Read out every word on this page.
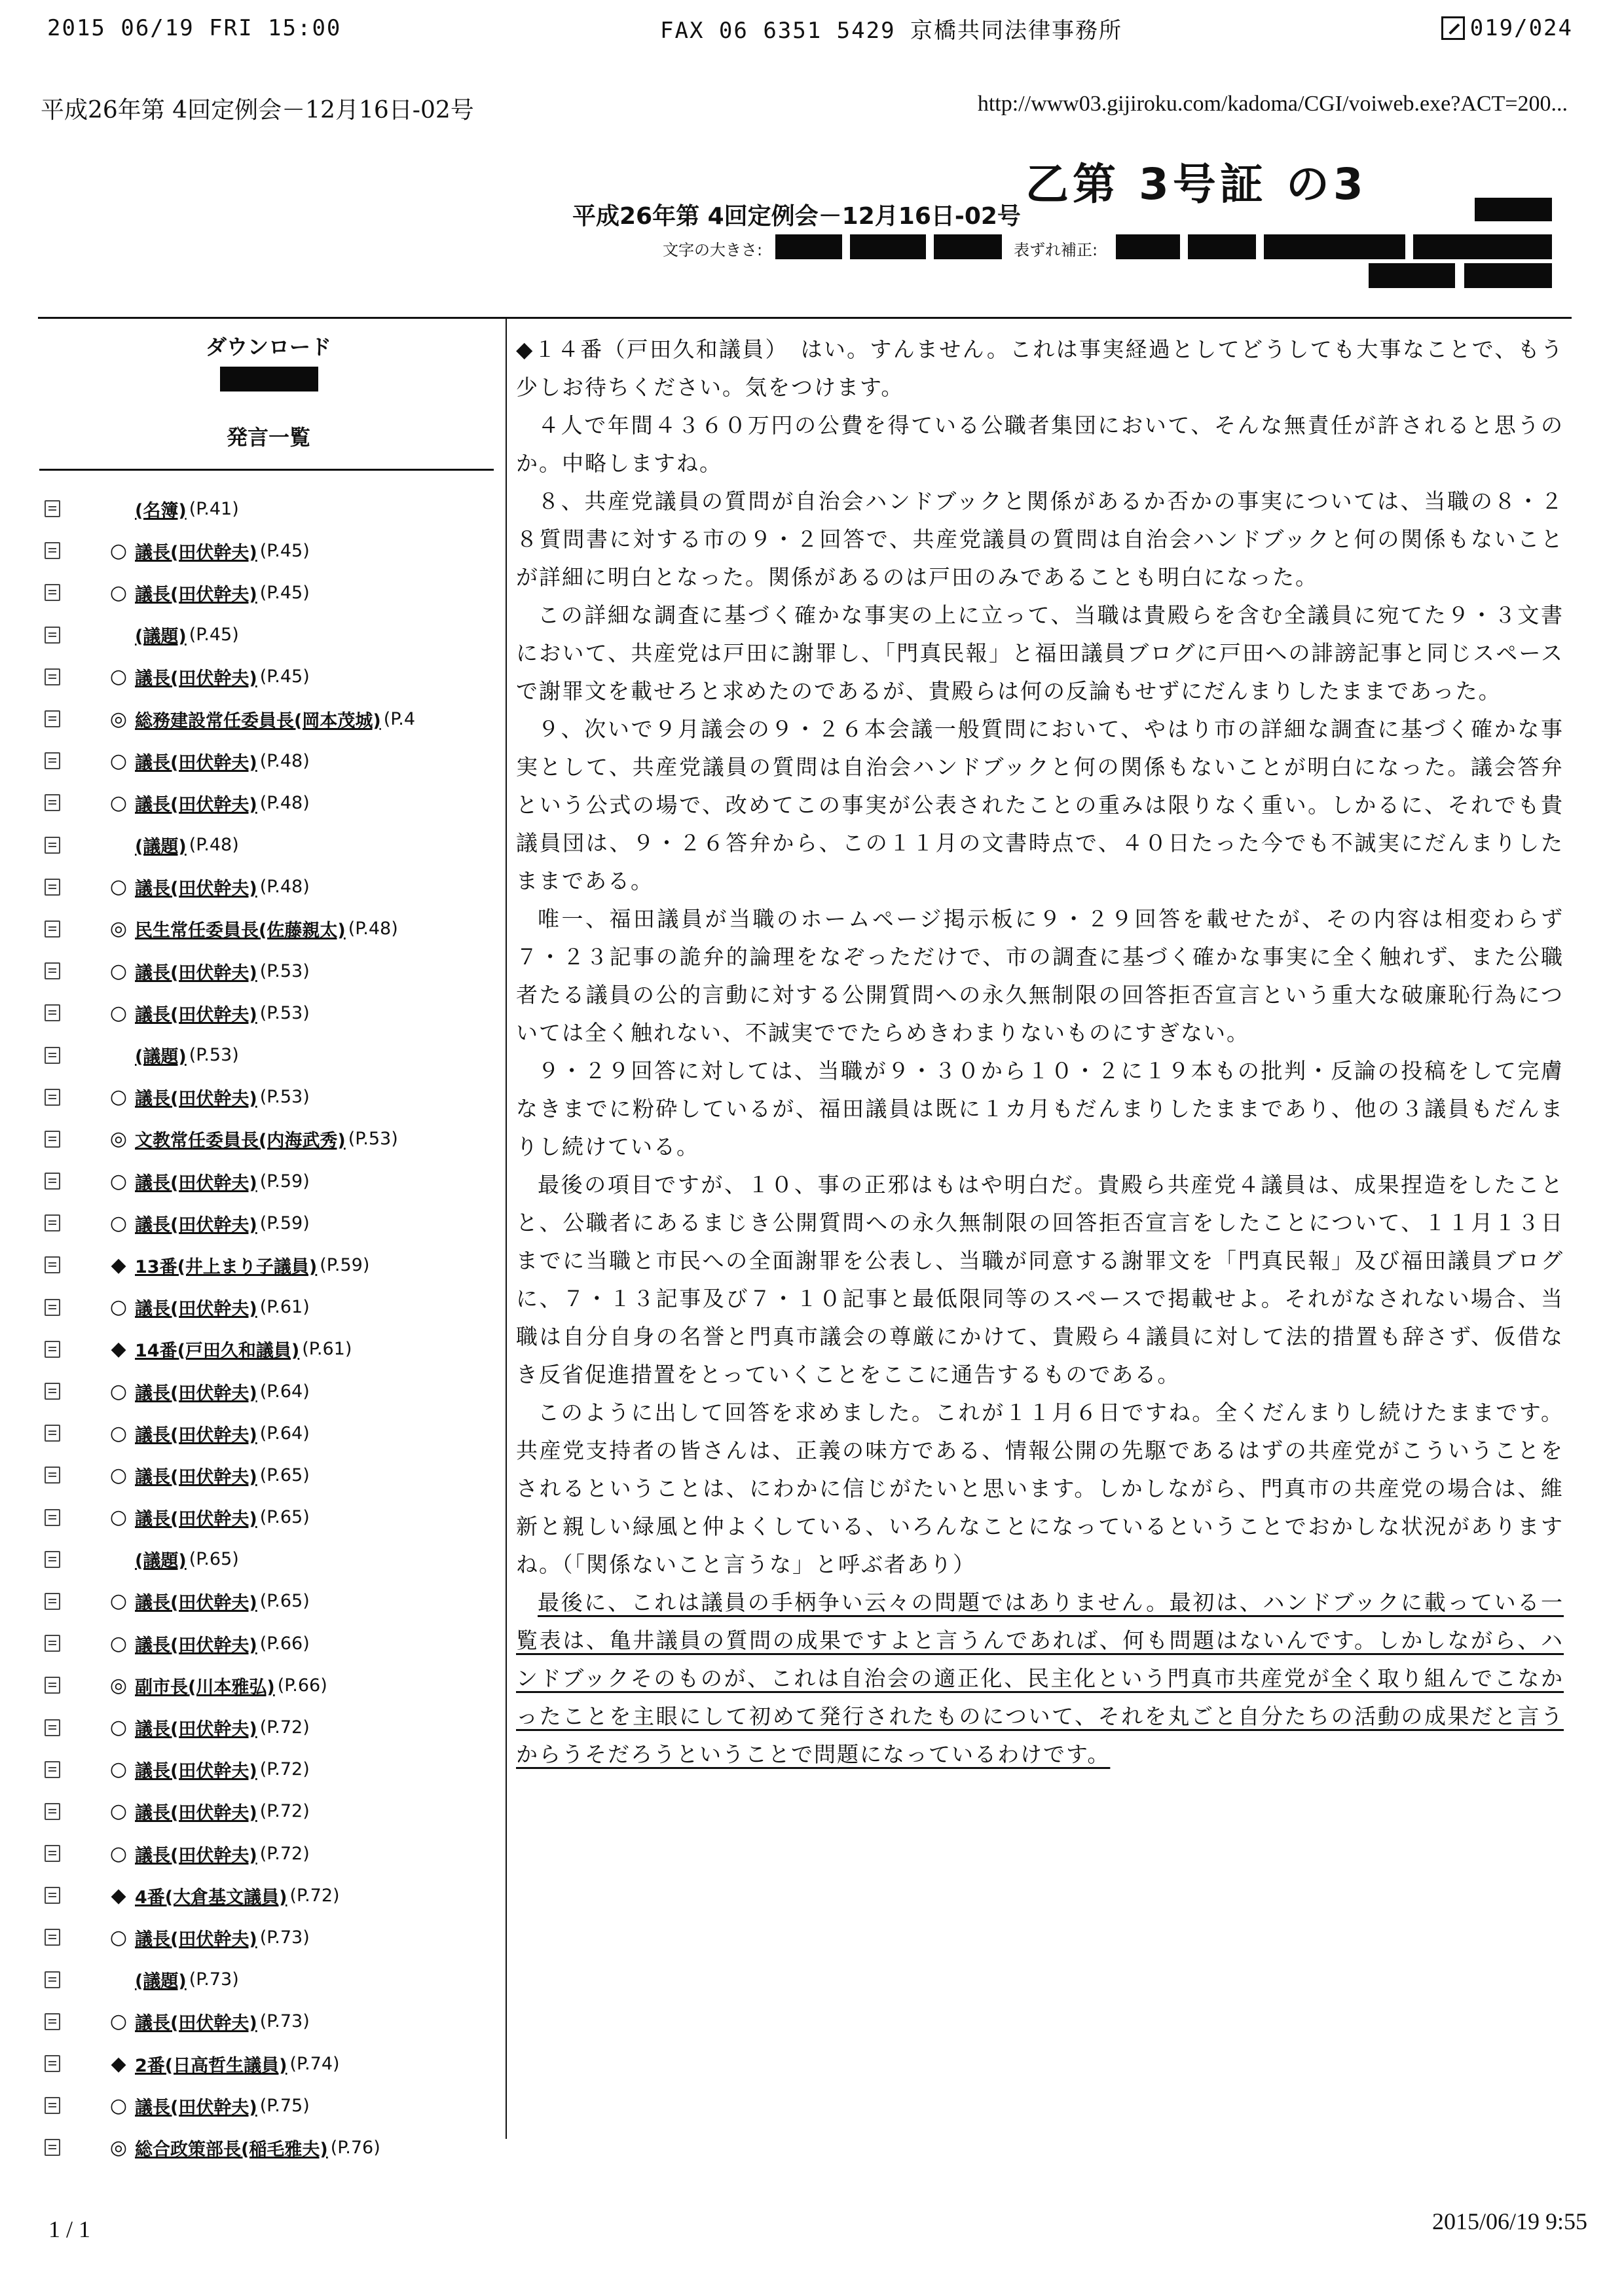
2015 06/19 FRI 15:00	FAX 06 6351 5429 京橋共同法律事務所	019/024
平成26年第 4回定例会－12月16日-02号	http://www03.gijiroku.com/kadoma/CGI/voiweb.exe?ACT=200...
乙第 3号証 の3
平成26年第 4回定例会－12月16日-02号
文字の大きさ:	表ずれ補正:
ダウンロード
発言一覧
(名簿) (P.41)
○ 議長(田伏幹夫) (P.45)
○ 議長(田伏幹夫) (P.45)
(議題) (P.45)
○ 議長(田伏幹夫) (P.45)
◎ 総務建設常任委員長(岡本茂城) (P.4
○ 議長(田伏幹夫) (P.48)
○ 議長(田伏幹夫) (P.48)
(議題) (P.48)
○ 議長(田伏幹夫) (P.48)
◎ 民生常任委員長(佐藤親太) (P.48)
○ 議長(田伏幹夫) (P.53)
○ 議長(田伏幹夫) (P.53)
(議題) (P.53)
○ 議長(田伏幹夫) (P.53)
◎ 文教常任委員長(内海武秀) (P.53)
○ 議長(田伏幹夫) (P.59)
○ 議長(田伏幹夫) (P.59)
◆ 13番(井上まり子議員) (P.59)
○ 議長(田伏幹夫) (P.61)
◆ 14番(戸田久和議員) (P.61)
○ 議長(田伏幹夫) (P.64)
○ 議長(田伏幹夫) (P.64)
○ 議長(田伏幹夫) (P.65)
○ 議長(田伏幹夫) (P.65)
(議題) (P.65)
○ 議長(田伏幹夫) (P.65)
○ 議長(田伏幹夫) (P.66)
◎ 副市長(川本雅弘) (P.66)
○ 議長(田伏幹夫) (P.72)
○ 議長(田伏幹夫) (P.72)
○ 議長(田伏幹夫) (P.72)
○ 議長(田伏幹夫) (P.72)
◆ 4番(大倉基文議員) (P.72)
○ 議長(田伏幹夫) (P.73)
(議題) (P.73)
○ 議長(田伏幹夫) (P.73)
◆ 2番(日高哲生議員) (P.74)
○ 議長(田伏幹夫) (P.75)
◎ 総合政策部長(稲毛雅夫) (P.76)

◆１４番（戸田久和議員）　はい。すんません。これは事実経過としてどうしても大事なことで、もう少しお待ちください。気をつけます。

４人で年間４３６０万円の公費を得ている公職者集団において、そんな無責任が許されると思うのか。中略しますね。

８、共産党議員の質問が自治会ハンドブックと関係があるか否かの事実については、当職の８・２８質問書に対する市の９・２回答で、共産党議員の質問は自治会ハンドブックと何の関係もないことが詳細に明白となった。関係があるのは戸田のみであることも明白になった。

この詳細な調査に基づく確かな事実の上に立って、当職は貴殿らを含む全議員に宛てた９・３文書において、共産党は戸田に謝罪し、「門真民報」と福田議員ブログに戸田への誹謗記事と同じスペースで謝罪文を載せろと求めたのであるが、貴殿らは何の反論もせずにだんまりしたままであった。

９、次いで９月議会の９・２６本会議一般質問において、やはり市の詳細な調査に基づく確かな事実として、共産党議員の質問は自治会ハンドブックと何の関係もないことが明白になった。議会答弁という公式の場で、改めてこの事実が公表されたことの重みは限りなく重い。しかるに、それでも貴議員団は、９・２６答弁から、この１１月の文書時点で、４０日たった今でも不誠実にだんまりしたままである。

唯一、福田議員が当職のホームページ掲示板に９・２９回答を載せたが、その内容は相変わらず７・２３記事の詭弁的論理をなぞっただけで、市の調査に基づく確かな事実に全く触れず、また公職者たる議員の公的言動に対する公開質問への永久無制限の回答拒否宣言という重大な破廉恥行為については全く触れない、不誠実ででたらめきわまりないものにすぎない。

９・２９回答に対しては、当職が９・３０から１０・２に１９本もの批判・反論の投稿をして完膚なきまでに粉砕しているが、福田議員は既に１カ月もだんまりしたままであり、他の３議員もだんまりし続けている。

最後の項目ですが、１０、事の正邪はもはや明白だ。貴殿ら共産党４議員は、成果捏造をしたことと、公職者にあるまじき公開質問への永久無制限の回答拒否宣言をしたことについて、１１月１３日までに当職と市民への全面謝罪を公表し、当職が同意する謝罪文を「門真民報」及び福田議員ブログに、７・１３記事及び７・１０記事と最低限同等のスペースで掲載せよ。それがなされない場合、当職は自分自身の名誉と門真市議会の尊厳にかけて、貴殿ら４議員に対して法的措置も辞さず、仮借なき反省促進措置をとっていくことをここに通告するものである。

このように出して回答を求めました。これが１１月６日ですね。全くだんまりし続けたままです。共産党支持者の皆さんは、正義の味方である、情報公開の先駆であるはずの共産党がこういうことをされるということは、にわかに信じがたいと思います。しかしながら、門真市の共産党の場合は、維新と親しい緑風と仲よくしている、いろんなことになっているということでおかしな状況がありますね。（「関係ないこと言うな」と呼ぶ者あり）

最後に、これは議員の手柄争い云々の問題ではありません。最初は、ハンドブックに載っている一覧表は、亀井議員の質問の成果ですよと言うんであれば、何も問題はないんです。しかしながら、ハンドブックそのものが、これは自治会の適正化、民主化という門真市共産党が全く取り組んでこなかったことを主眼にして初めて発行されたものについて、それを丸ごと自分たちの活動の成果だと言うからうそだろうということで問題になっているわけです。

1 / 1	2015/06/19 9:55
